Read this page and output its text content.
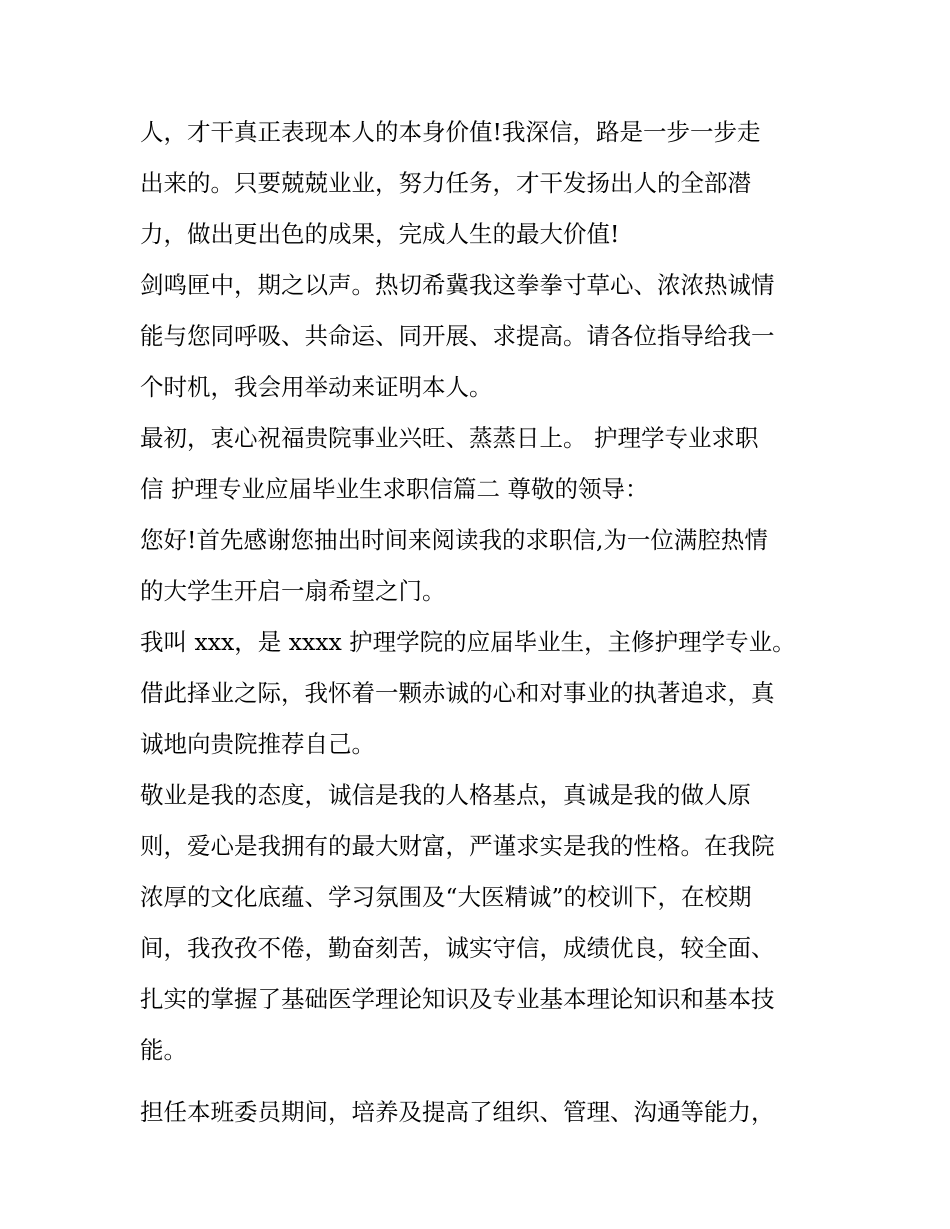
人，才干真正表现本人的本身价值!我深信，路是一步一步走
出来的。只要兢兢业业，努力任务，才干发扬出人的全部潜
力，做出更出色的成果，完成人生的最大价值!
剑鸣匣中，期之以声。热切希冀我这拳拳寸草心、浓浓热诚情
能与您同呼吸、共命运、同开展、求提高。请各位指导给我一
个时机，我会用举动来证明本人。
最初，衷心祝福贵院事业兴旺、蒸蒸日上。 护理学专业求职
信 护理专业应届毕业生求职信篇二 尊敬的领导：
您好!首先感谢您抽出时间来阅读我的求职信,为一位满腔热情
的大学生开启一扇希望之门。
我叫 xxx，是 xxxx 护理学院的应届毕业生，主修护理学专业。
借此择业之际，我怀着一颗赤诚的心和对事业的执著追求，真
诚地向贵院推荐自己。
敬业是我的态度，诚信是我的人格基点，真诚是我的做人原
则，爱心是我拥有的最大财富，严谨求实是我的性格。在我院
浓厚的文化底蕴、学习氛围及“大医精诚”的校训下，在校期
间，我孜孜不倦，勤奋刻苦，诚实守信，成绩优良，较全面、
扎实的掌握了基础医学理论知识及专业基本理论知识和基本技
能。
担任本班委员期间，培养及提高了组织、管理、沟通等能力，
